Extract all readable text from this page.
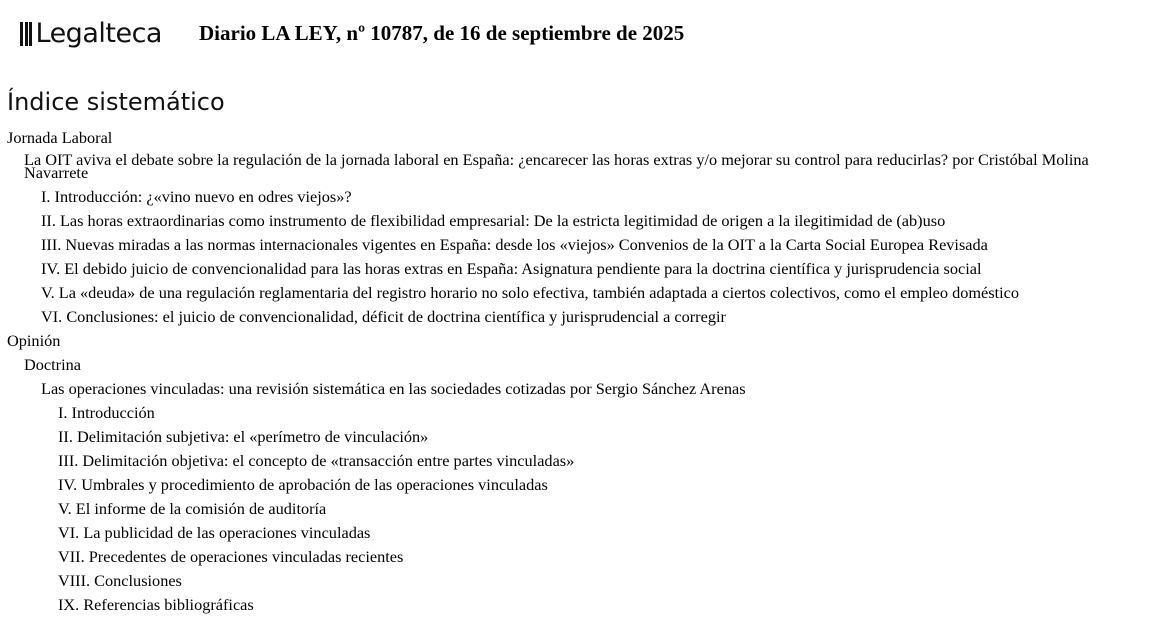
Legalteca Diario LA LEY, nº 10787, de 16 de septiembre de 2025
Índice sistemático
Jornada Laboral
La OIT aviva el debate sobre la regulación de la jornada laboral en España: ¿encarecer las horas extras y/o mejorar su control para reducirlas? por Cristóbal Molina Navarrete
I. Introducción: ¿«vino nuevo en odres viejos»?
II. Las horas extraordinarias como instrumento de flexibilidad empresarial: De la estricta legitimidad de origen a la ilegitimidad de (ab)uso
III. Nuevas miradas a las normas internacionales vigentes en España: desde los «viejos» Convenios de la OIT a la Carta Social Europea Revisada
IV. El debido juicio de convencionalidad para las horas extras en España: Asignatura pendiente para la doctrina científica y jurisprudencia social
V. La «deuda» de una regulación reglamentaria del registro horario no solo efectiva, también adaptada a ciertos colectivos, como el empleo doméstico
VI. Conclusiones: el juicio de convencionalidad, déficit de doctrina científica y jurisprudencial a corregir
Opinión
Doctrina
Las operaciones vinculadas: una revisión sistemática en las sociedades cotizadas por Sergio Sánchez Arenas
I. Introducción
II. Delimitación subjetiva: el «perímetro de vinculación»
III. Delimitación objetiva: el concepto de «transacción entre partes vinculadas»
IV. Umbrales y procedimiento de aprobación de las operaciones vinculadas
V. El informe de la comisión de auditoría
VI. La publicidad de las operaciones vinculadas
VII. Precedentes de operaciones vinculadas recientes
VIII. Conclusiones
IX. Referencias bibliográficas
